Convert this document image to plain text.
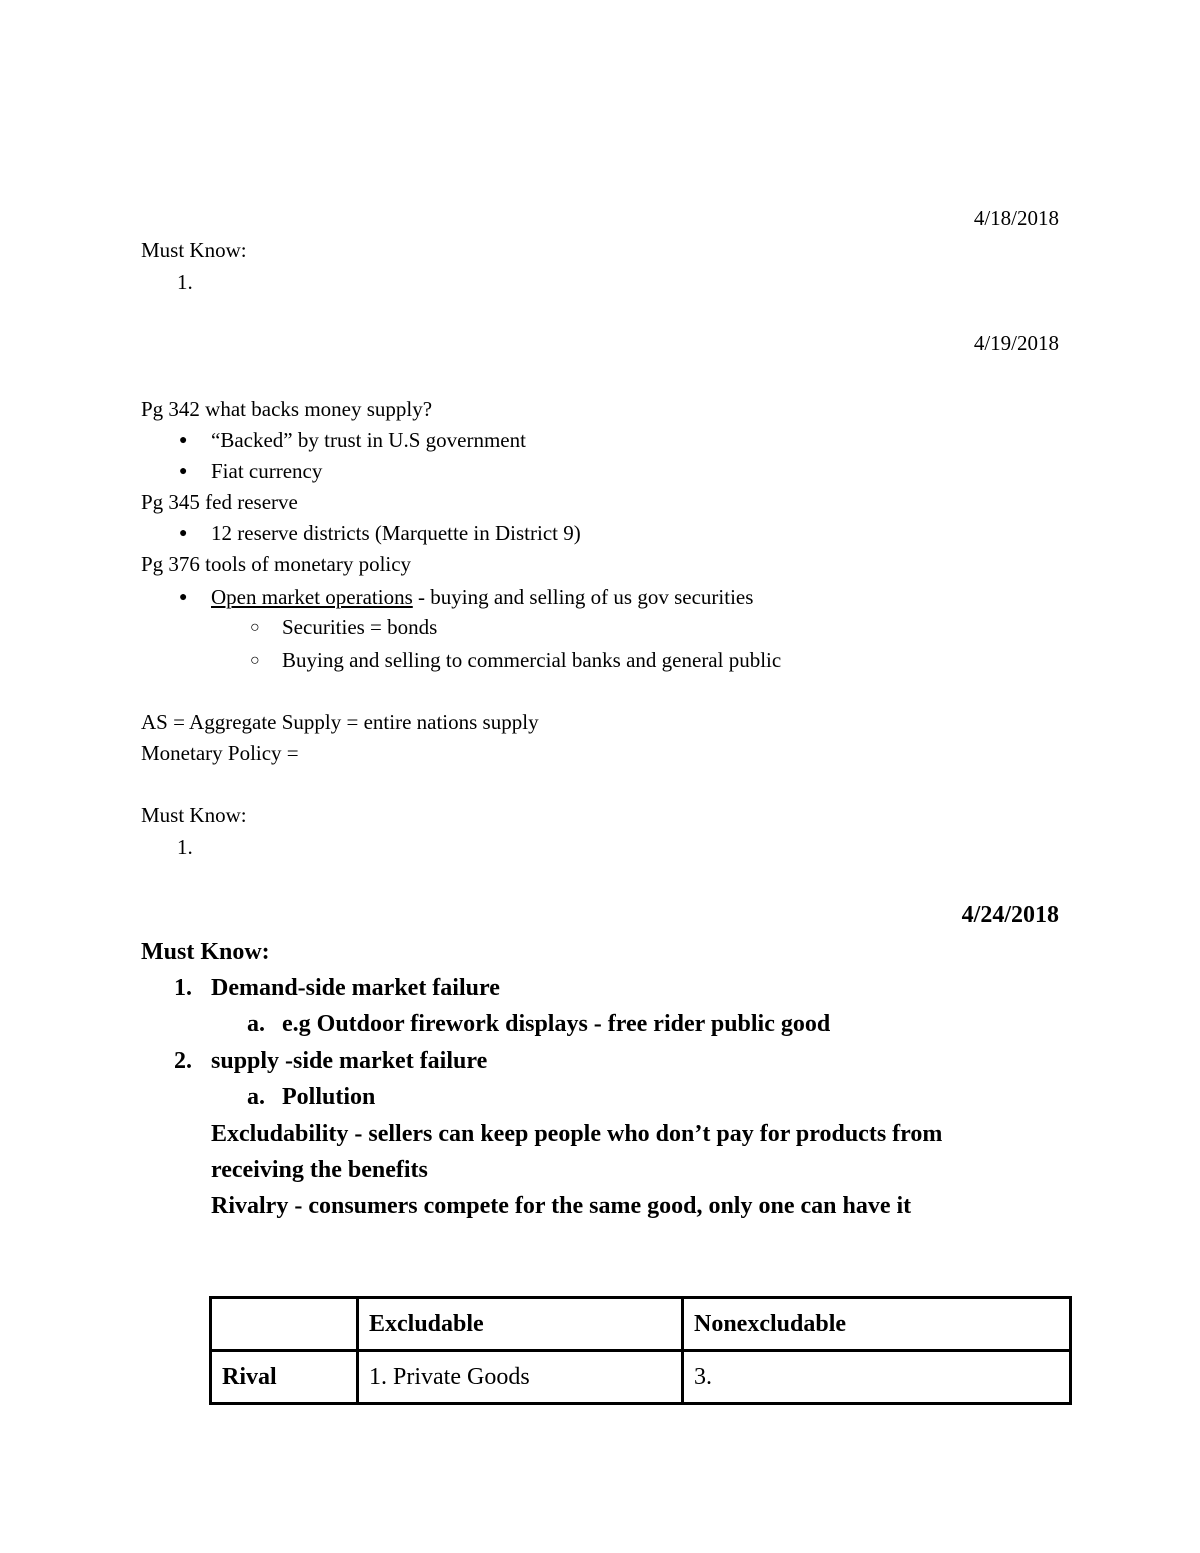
4/18/2018
Must Know:
1.
4/19/2018
Pg 342 what backs money supply?
● “Backed” by trust in U.S government
● Fiat currency
Pg 345 fed reserve
● 12 reserve districts (Marquette in District 9)
Pg 376 tools of monetary policy
● Open market operations - buying and selling of us gov securities
○ Securities = bonds
○ Buying and selling to commercial banks and general public
AS = Aggregate Supply = entire nations supply
Monetary Policy =
Must Know:
1.
4/24/2018
Must Know:
1. Demand-side market failure
a. e.g Outdoor firework displays - free rider public good
2. supply -side market failure
a. Pollution
Excludability - sellers can keep people who don’t pay for products from
receiving the benefits
Rivalry - consumers compete for the same good, only one can have it
	Excludable	Nonexcludable
Rival	1. Private Goods	3.
